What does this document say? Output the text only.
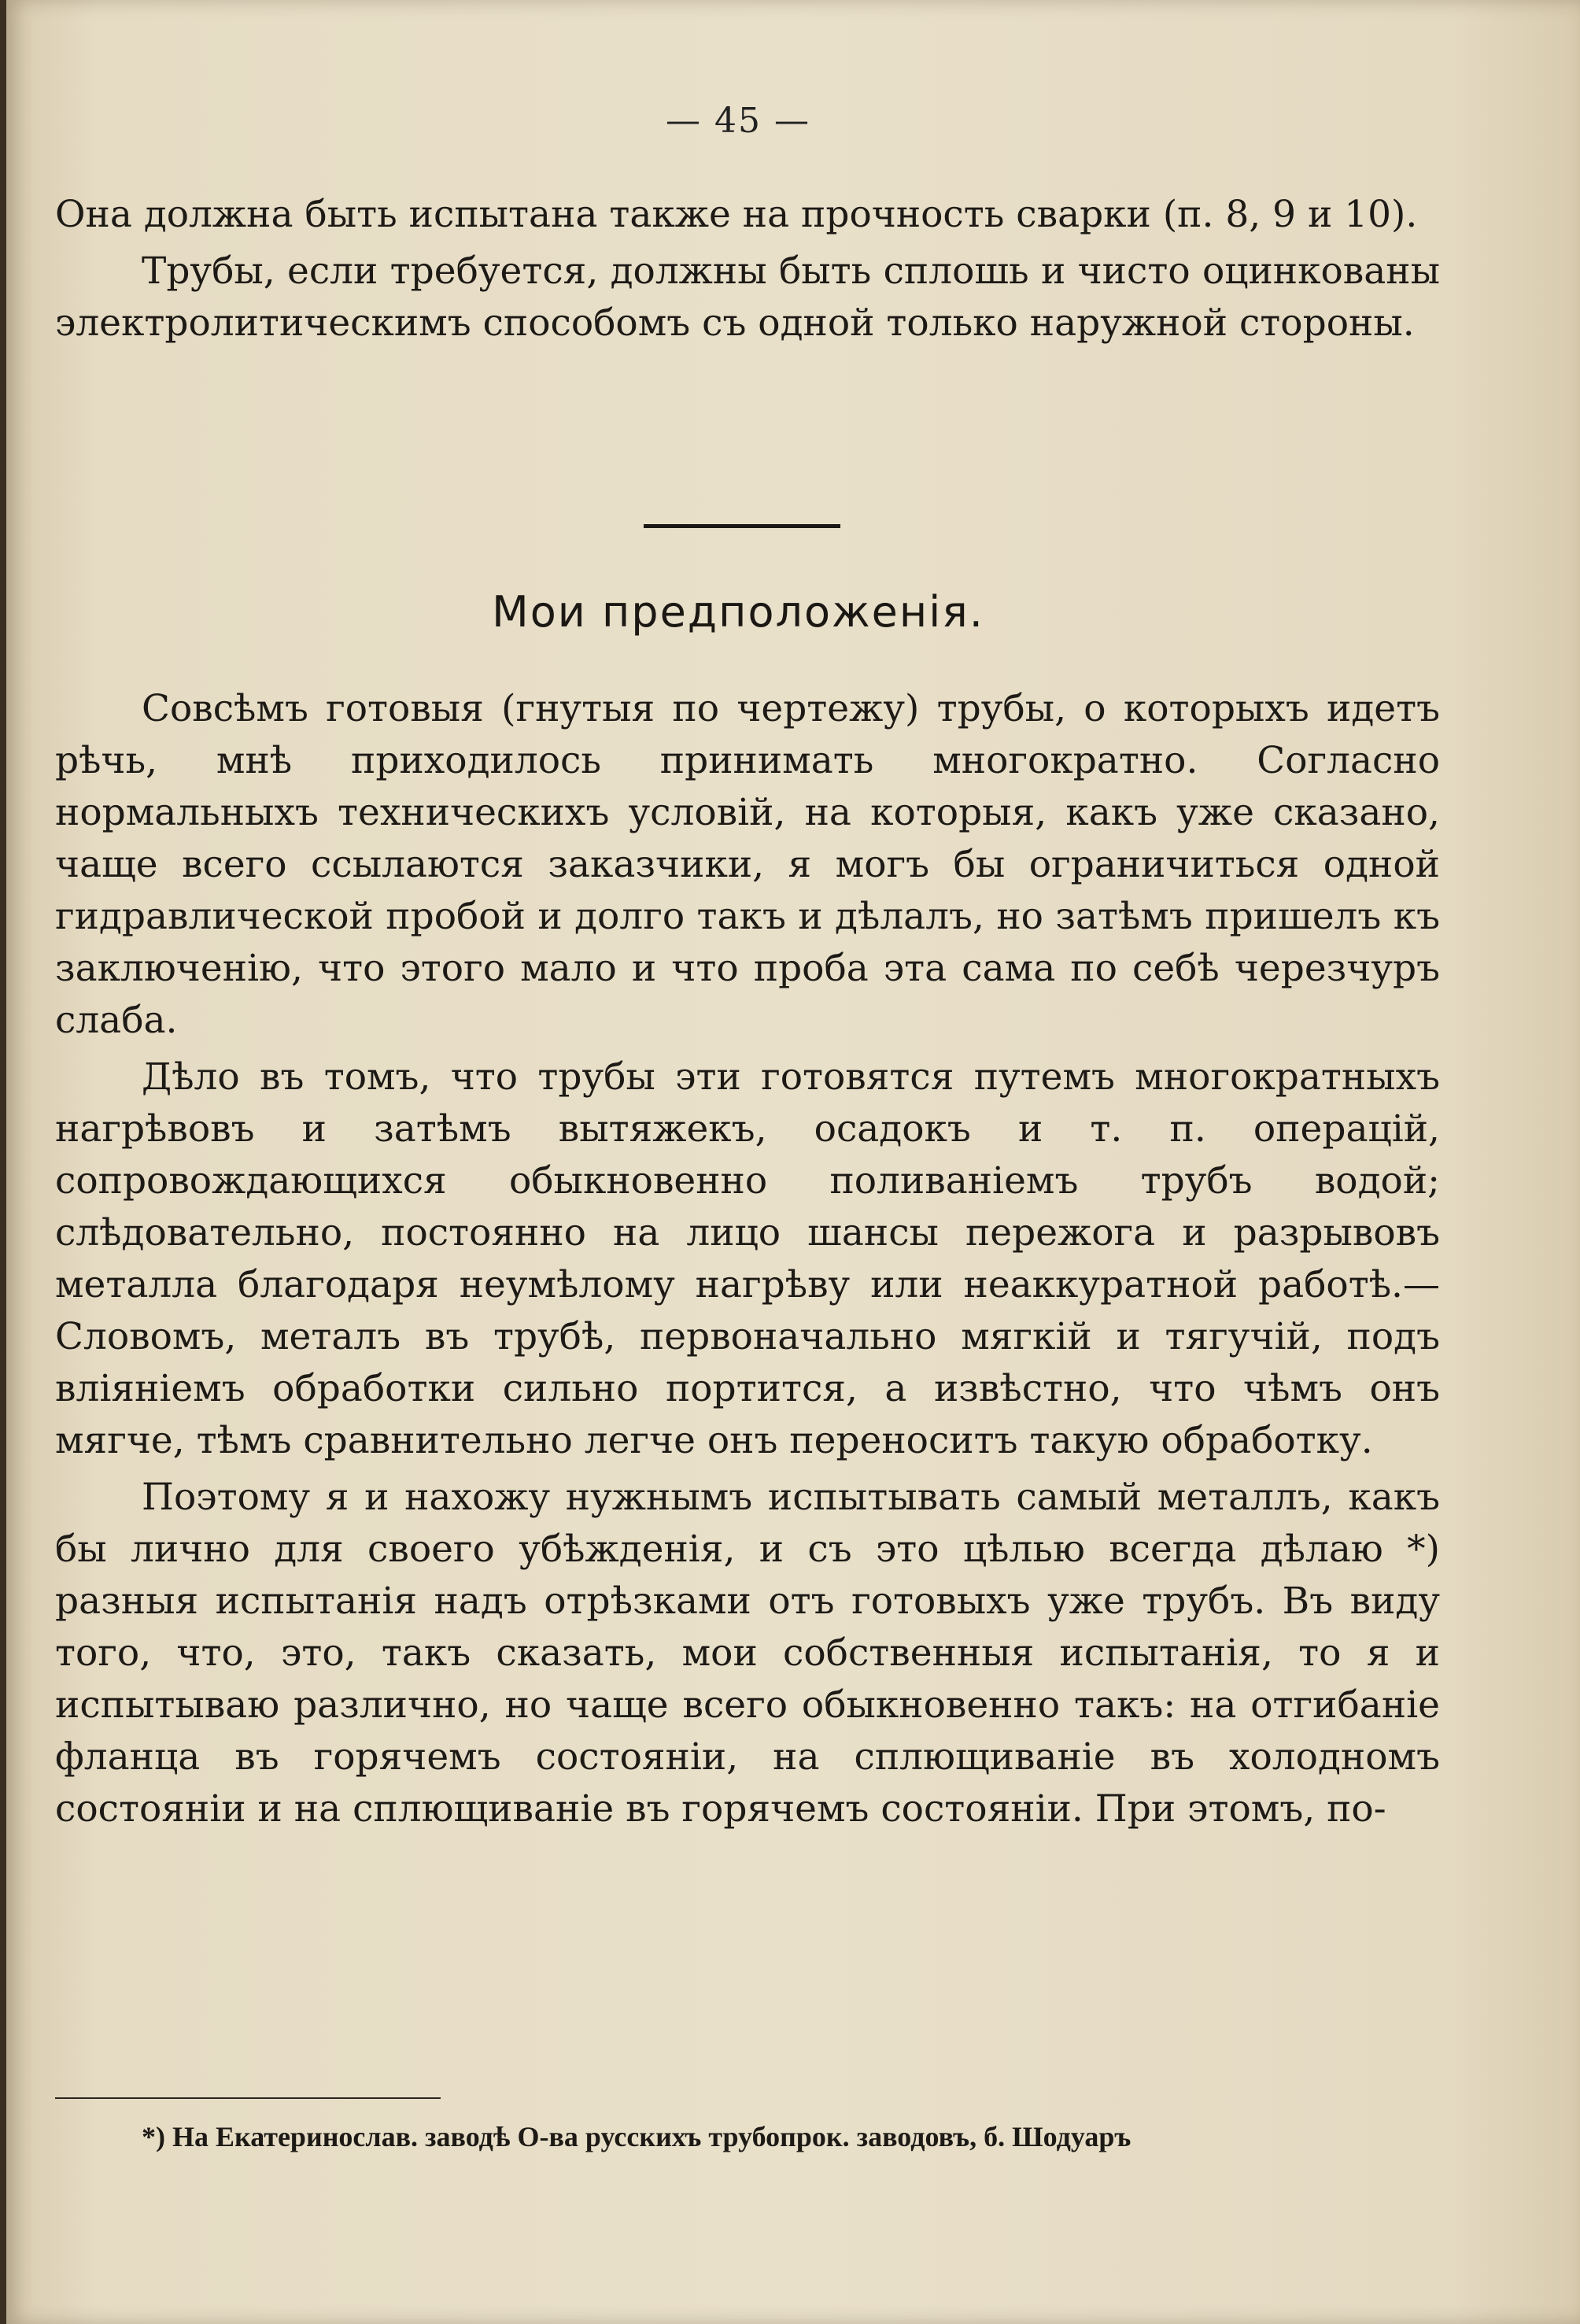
— 45 —

Она должна быть испытана также на прочность сварки (п. 8, 9 и 10).

Трубы, если требуется, должны быть сплошь и чисто оцинкованы электролитическимъ способомъ съ одной только наружной стороны.

Мои предположенія.

Совсѣмъ готовыя (гнутыя по чертежу) трубы, о которыхъ идетъ рѣчь, мнѣ приходилось принимать многократно. Согласно нормальныхъ техническихъ условій, на которыя, какъ уже сказано, чаще всего ссылаются заказчики, я могъ бы ограничиться одной гидравлической пробой и долго такъ и дѣлалъ, но затѣмъ пришелъ къ заключенію, что этого мало и что проба эта сама по себѣ черезчуръ слаба.

Дѣло въ томъ, что трубы эти готовятся путемъ многократныхъ нагрѣвовъ и затѣмъ вытяжекъ, осадокъ и т. п. операцій, сопровождающихся обыкновенно поливаніемъ трубъ водой; слѣдовательно, постоянно на лицо шансы пережога и разрывовъ металла благодаря неумѣлому нагрѣву или неаккуратной работѣ.—Словомъ, металъ въ трубѣ, первоначально мягкій и тягучій, подъ вліяніемъ обработки сильно портится, а извѣстно, что чѣмъ онъ мягче, тѣмъ сравнительно легче онъ переноситъ такую обработку.

Поэтому я и нахожу нужнымъ испытывать самый металлъ, какъ бы лично для своего убѣжденія, и съ это цѣлью всегда дѣлаю *) разныя испытанія надъ отрѣзками отъ готовыхъ уже трубъ. Въ виду того, что, это, такъ сказать, мои собственныя испытанія, то я и испытываю различно, но чаще всего обыкновенно такъ: на отгибаніе фланца въ горячемъ состояніи, на сплющиваніе въ холодномъ состояніи и на сплющиваніе въ горячемъ состояніи. При этомъ, по-

*) На Екатеринослав. заводѣ О-ва русскихъ трубопрок. заводовъ, б. Шодуаръ
